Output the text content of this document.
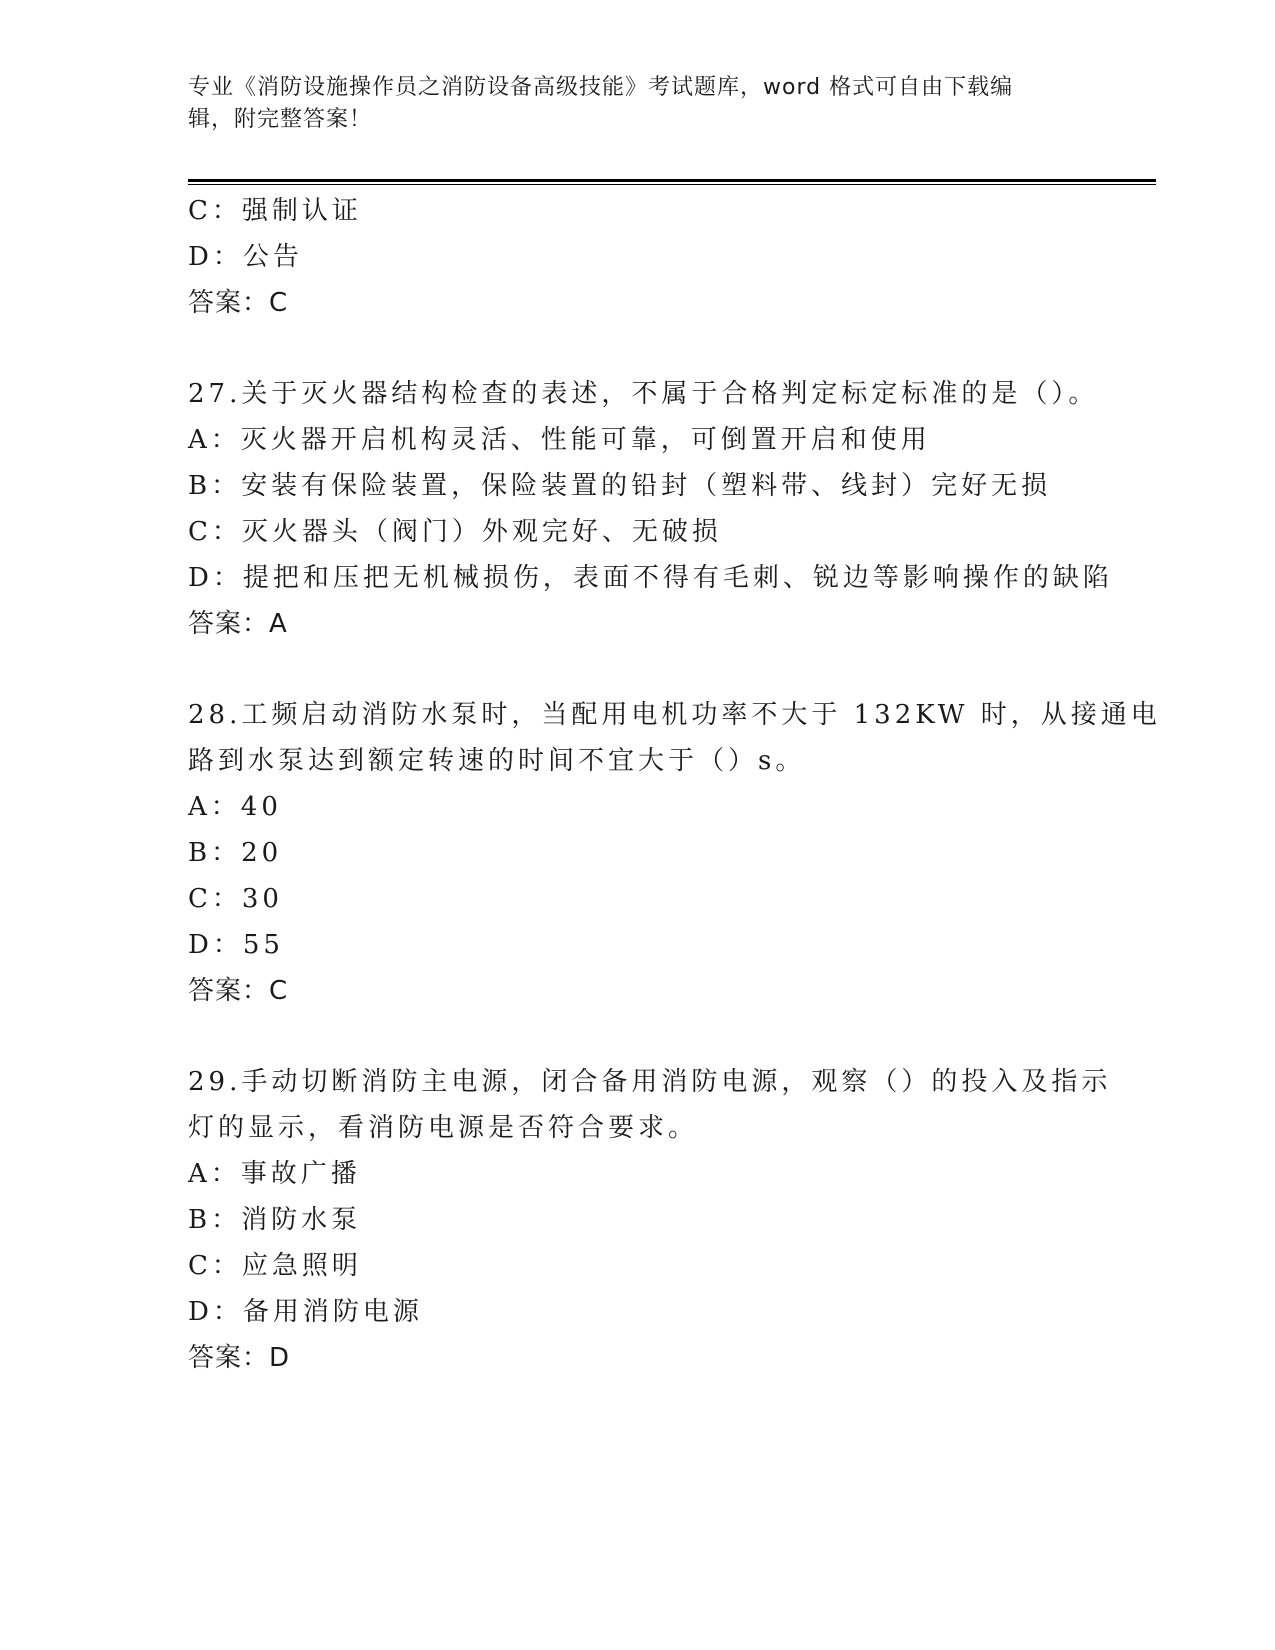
专业《消防设施操作员之消防设备高级技能》考试题库，word 格式可自由下载编
辑，附完整答案！
C：强制认证
D：公告
答案：C
27.关于灭火器结构检查的表述，不属于合格判定标定标准的是（）。
A：灭火器开启机构灵活、性能可靠，可倒置开启和使用
B：安装有保险装置，保险装置的铅封（塑料带、线封）完好无损
C：灭火器头（阀门）外观完好、无破损
D：提把和压把无机械损伤，表面不得有毛刺、锐边等影响操作的缺陷
答案：A
28.工频启动消防水泵时，当配用电机功率不大于 132KW 时，从接通电
路到水泵达到额定转速的时间不宜大于（）s。
A：40
B：20
C：30
D：55
答案：C
29.手动切断消防主电源，闭合备用消防电源，观察（）的投入及指示
灯的显示，看消防电源是否符合要求。
A：事故广播
B：消防水泵
C：应急照明
D：备用消防电源
答案：D
